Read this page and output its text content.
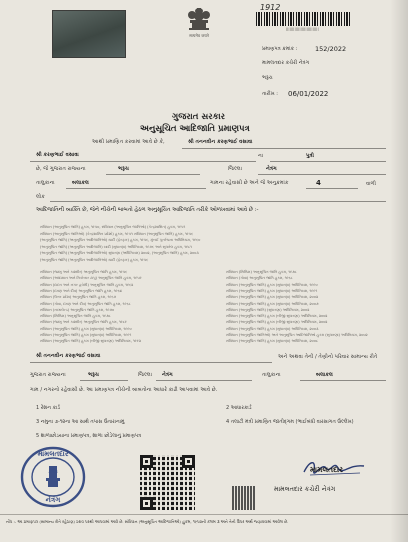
सत्यमेव जयते
1912
|||||||||||||||||||||||||||
પ્રમાણપત્ર ક્રમાંક :	152/2022
મામલતદાર કચેરી નેત્રંગ
ભરૂચ
તારીખ : 06/01/2022
ગુજરાત સરકાર
અનુસૂચિત આદિજાતિ પ્રમાણપત્ર
આથી પ્રમાણિત કરવામાં આવે છે કે,	શ્રી તનનવીન કરણભાઈ વસાવા
શ્રી કરણભાઈ વસાવા	ના	પુત્રી
છે, જે ગુજરાત રાજ્યના	ભરૂચ	જિલ્લા	નેત્રંગ
તાલુકાના	બલાકલ	ગામના રહેવાસી છે અને જે અનુક્રમાંક	4	વાળી
લોક
આદિજાતિની વ્યક્તિ છે, જેને નીચેની બાબતો હેઠળ અનુસૂચિત આદિજાતિ તરીકે ઓળખવામાં આવે છે :-
સંવિધાન (અનુસૂચિત જાતિ) હુકમ, ૧૯૫૦, સંવિધાન (અનુસૂચિત જાતિઓ) (કેન્દ્રશાસિત) હુકમ, ૧૯૫૧
સંવિધાન (અનુસૂચિત જાતિઓ) (કેન્દ્રશાસિત પ્રદેશો) હુકમ, ૧૯૫૧ સંવિધાન (અનુસૂચિત જાતિ) હુકમ, ૧૯૫૬
(અનુસૂચિત જાતિ) (અનુસૂચિત આદિજાતિઓ) યાદી (ફેરફાર) હુકમ, ૧૯૫૬, મુંબઈ પુનર્રચના અધિનિયમ, ૧૯૬૦
(અનુસૂચિત જાતિ) (અનુસૂચિત આદિજાતિ) યાદી (સુધારણા) અધિનિયમ, ૧૯૭૬ અને સુધારેલ હુકમ, ૧૯૮૧
(અનુસૂચિત જાતિ) (અનુસૂચિત આદિજાતિઓ) સુધારણા (અધિનિયમ) ૨૦૦૨, (અનુસૂચિત જાતિ) હુકમ, ૨૦૦૩
(અનુસૂચિત જાતિ) (અનુસૂચિત આદિજાતિઓ) યાદી (ફેરફાર) હુકમ, ૧૯૫૬
સંવિધાન (જમ્મુ અને કાશ્મીર) અનુસૂચિત જાતિ હુકમ, ૧૯૫૬
સંવિધાન (આંદામાન અને નિકોબાર ટાપુ) અનુસૂચિત જાતિ હુકમ, ૧૯૫૯
સંવિધાન (દાદરા અને નગર હવેલી) અનુસૂચિત જાતિ હુકમ, ૧૯૬૨
સંવિધાન (દમણ અને દીવ) અનુસૂચિત જાતિ હુકમ, ૧૯૬૪
સંવિધાન (ઉત્તર પ્રદેશ) અનુસૂચિત જાતિ હુકમ, ૧૯૬૭
સંવિધાન (ગોવા, દમણ અને દીવ) અનુસૂચિત જાતિ હુકમ, ૧૯૬૮
સંવિધાન (નાગાલેન્ડ) અનુસૂચિત જાતિ હુકમ, ૧૯૭૦
સંવિધાન (સિક્કિમ) અનુસૂચિત જાતિ હુકમ, ૧૯૭૮
સંવિધાન (જમ્મુ અને કાશ્મીર) અનુસૂચિત જાતિ હુકમ, ૧૯૮૯
સંવિધાન (અનુસૂચિત જાતિ) હુકમ (સુધારણા) અધિનિયમ, ૧૯૯૦
સંવિધાન (અનુસૂચિત જાતિ) હુકમ (સુધારણા) અધિનિયમ, ૧૯૯૧
સંવિધાન (અનુસૂચિત જાતિ) હુકમ (બીજી સુધારણા) અધિનિયમ, ૧૯૯૨
સંવિધાન (સિક્કિમ) અનુસૂચિત જાતિ હુકમ, ૧૯૭૮
સંવિધાન (ગોવા) અનુસૂચિત જાતિ હુકમ, ૧૯૬૮
સંવિધાન (અનુસૂચિત જાતિ) હુકમ (સુધારણા) અધિનિયમ, ૧૯૯૦
સંવિધાન (અનુસૂચિત જાતિ) હુકમ (સુધારણા) અધિનિયમ, ૧૯૯૧
સંવિધાન (અનુસૂચિત જાતિ) હુકમ (સુધારણા) અધિનિયમ, ૨૦૦૨
સંવિધાન (અનુસૂચિત જાતિ) હુકમ (સુધારણા) અધિનિયમ, ૨૦૦૭
સંવિધાન (અનુસૂચિત જાતિ) (સુધારણા) અધિનિયમ, ૨૦૦૨
સંવિધાન (અનુસૂચિત જાતિ) હુકમ (બીજી સુધારણા) અધિનિયમ, ૨૦૦૨
સંવિધાન (અનુસૂચિત જાતિ) હુકમ (બીજી સુધારણા) અધિનિયમ, ૨૦૦૨
સંવિધાન (અનુસૂચિત જાતિ) હુકમ (સુધારણા) અધિનિયમ, ૨૦૦૩
સંવિધાન (અનુસૂચિત જાતિઓ) અને અનુસૂચિત આદિજાતિઓ હુકમ (સુધારણા) અધિનિયમ, ૨૦૦૨
સંવિધાન (અનુસૂચિત જાતિ) હુકમ (સુધારણા) અધિનિયમ, ૨૦૦૮
શ્રી તનનવીન કરણભાઈ વસાવા	અને અથવા તેની / તેણીનો પરિવાર સામાન્ય રીતે
ગુજરાત રાજ્યના	ભરૂચ	જિલ્લા નેત્રંગ	તાલુકાના	બલાકલ
ગામ / નગરનો રહેવાસી છે. આ પ્રમાણપત્ર નીચેની બાબતોના આધારે કાઢી આપવામાં આવે છે.
1 રેશન કાર્ડ	2 આધારકાર્ડ
3 નમુના ૭-૧૨ના આ સાથે તપાસ ઉતારાનામું	4 તલાટી મંત્રી પ્રમાણિત જાતીદ્ગમ (ભાઈબંધી વારસાગત ઉલ્લેખ)
5 શાળાછોડયાના પ્રમાણપત્ર, શાળા છોડેલાનું પ્રમાણપત્ર
મામલતદાર
કચેરી
નેત્રંગ
મામલતદાર
મામલતદાર કચેરી નેત્રંગ
નોંધ :- આ પ્રમાણપત્ર (સામાન્ય રીતે રહેઠાણ) ઠરાવ પરથી આપવામાં આવે છે. સંવિધાન (અનુસૂચિત આદિજાતિઓ) હુકમ, ૧૯૫૦ની કલમ ૩ અને તેની ઉપર અર્થ જણાવવામાં આવેલ છે.
